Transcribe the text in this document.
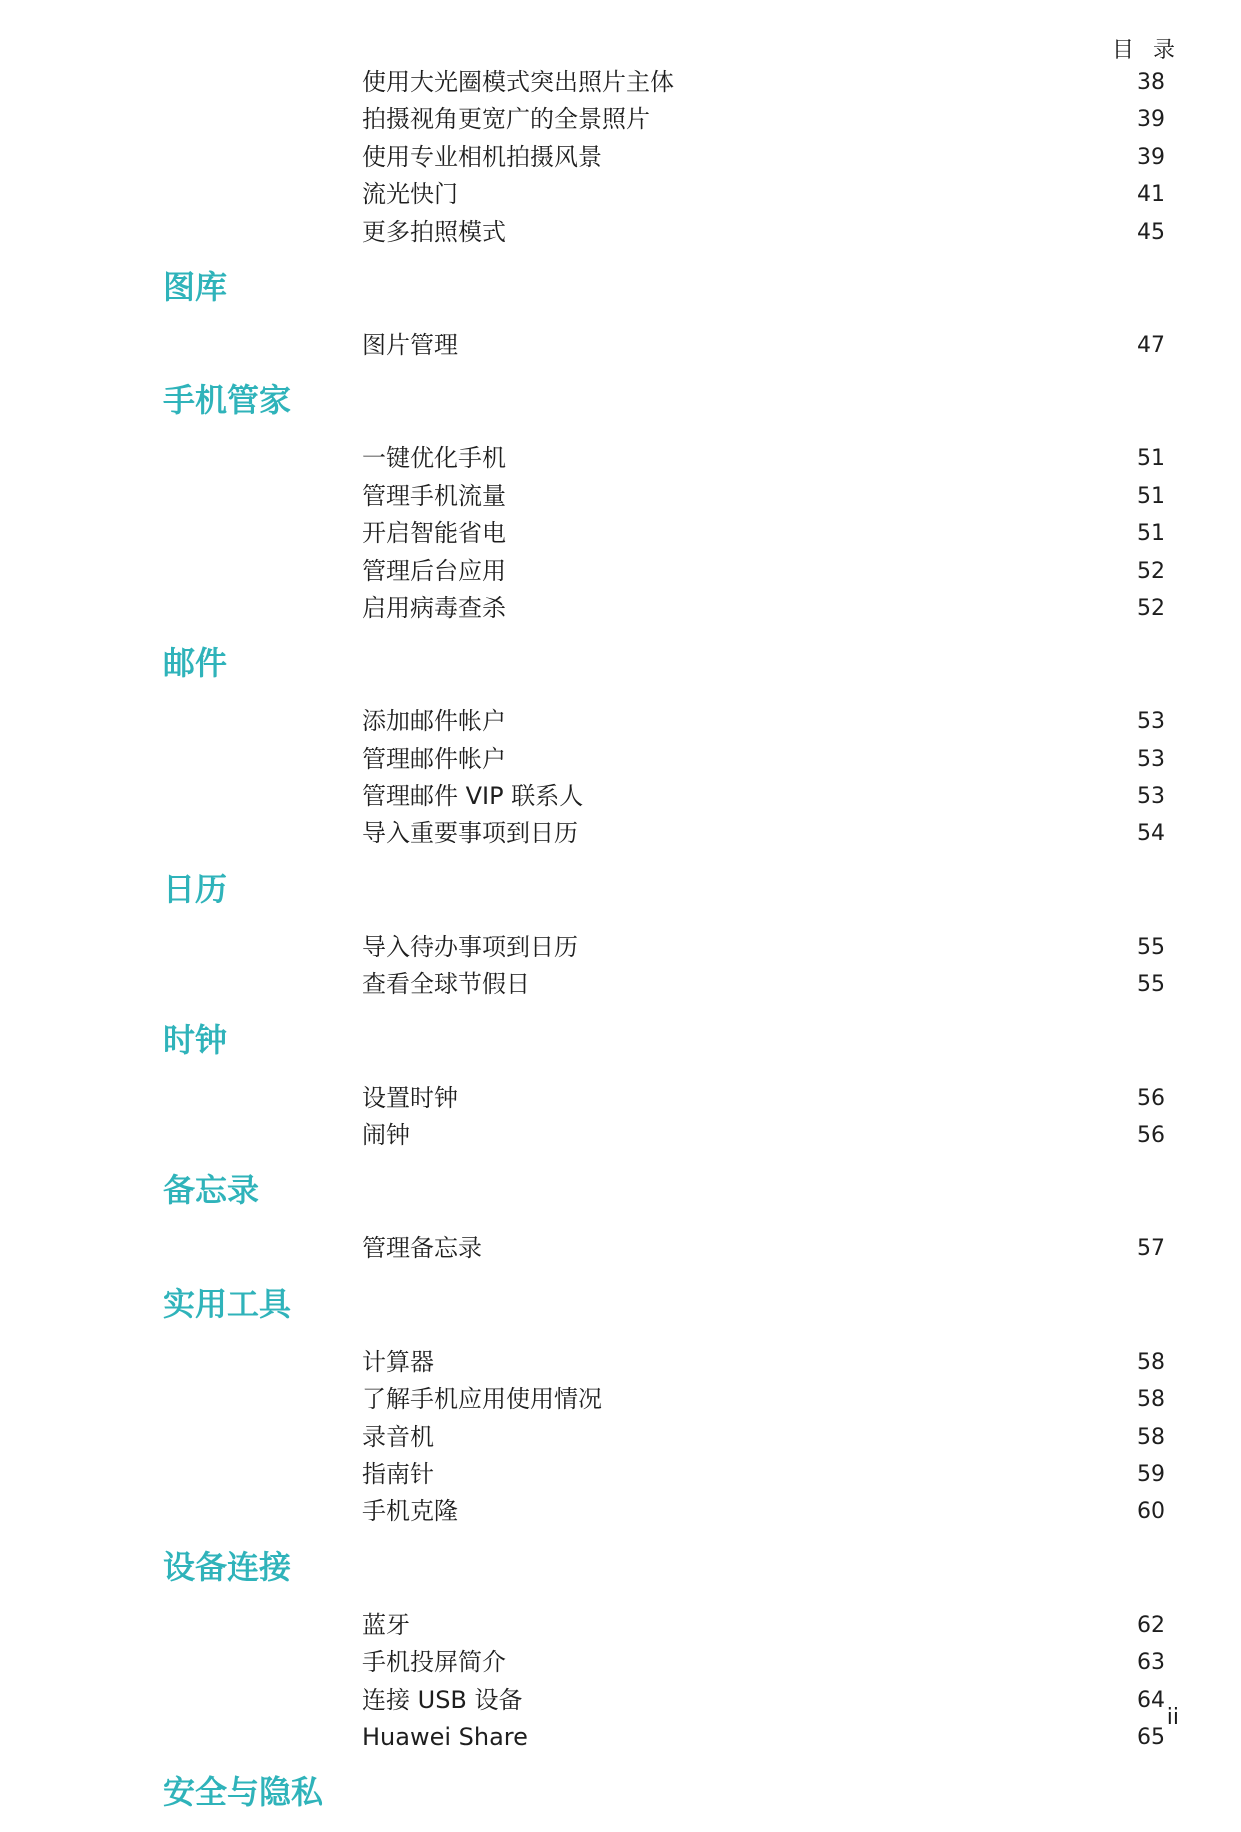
目 录
使用大光圈模式突出照片主体	38
拍摄视角更宽广的全景照片	39
使用专业相机拍摄风景	39
流光快门	41
更多拍照模式	45
图库
图片管理	47
手机管家
一键优化手机	51
管理手机流量	51
开启智能省电	51
管理后台应用	52
启用病毒查杀	52
邮件
添加邮件帐户	53
管理邮件帐户	53
管理邮件 VIP 联系人	53
导入重要事项到日历	54
日历
导入待办事项到日历	55
查看全球节假日	55
时钟
设置时钟	56
闹钟	56
备忘录
管理备忘录	57
实用工具
计算器	58
了解手机应用使用情况	58
录音机	58
指南针	59
手机克隆	60
设备连接
蓝牙	62
手机投屏简介	63
连接 USB 设备	64
Huawei Share	65
安全与隐私
ii
